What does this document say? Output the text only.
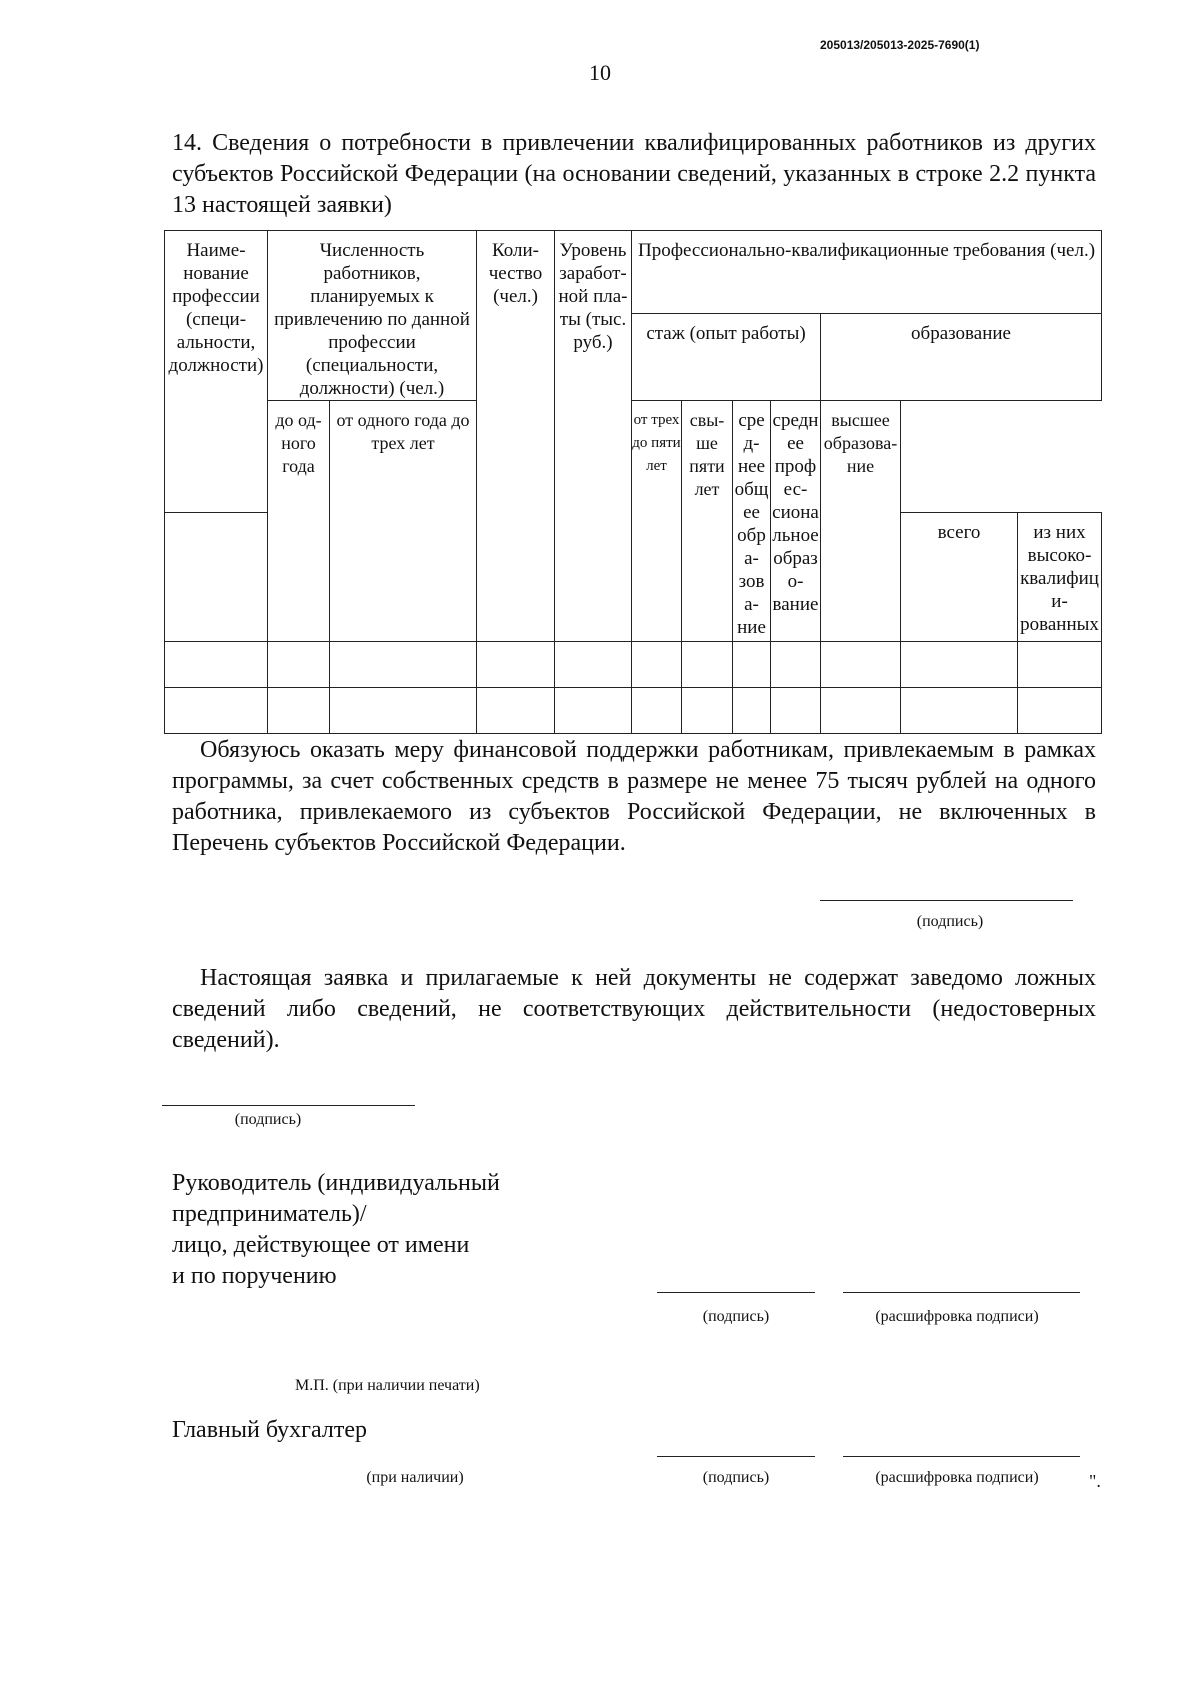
205013/205013-2025-7690(1)
10
14. Сведения о потребности в привлечении квалифицированных работников из других субъектов Российской Федерации (на основании сведений, указанных в строке 2.2 пункта 13 настоящей заявки)
Наименование профессии (специальности, должности)	Численность работников, планируемых к привлечению по данной профессии (специальности, должности) (чел.)		Количество (чел.)	Уровень заработной платы (тыс. руб.)	Профессионально-квалификационные требования (чел.)						
					стаж (опыт работы)				образование		
	до одного года	от одного года до трех лет			от трех до пяти лет	свыше пяти лет	среднее общее образование	среднее профессиональное образование	высшее образование		
										всего	из них высококвалифицированных

Обязуюсь оказать меру финансовой поддержки работникам, привлекаемым в рамках программы, за счет собственных средств в размере не менее 75 тысяч рублей на одного работника, привлекаемого из субъектов Российской Федерации, не включенных в Перечень субъектов Российской Федерации.
(подпись)
Настоящая заявка и прилагаемые к ней документы не содержат заведомо ложных сведений либо сведений, не соответствующих действительности (недостоверных сведений).
(подпись)
Руководитель (индивидуальный
предприниматель)/
лицо, действующее от имени
и по поручению
(подпись)	(расшифровка подписи)
М.П. (при наличии печати)
Главный бухгалтер
(подпись)	(расшифровка подписи)	".
(при наличии)
